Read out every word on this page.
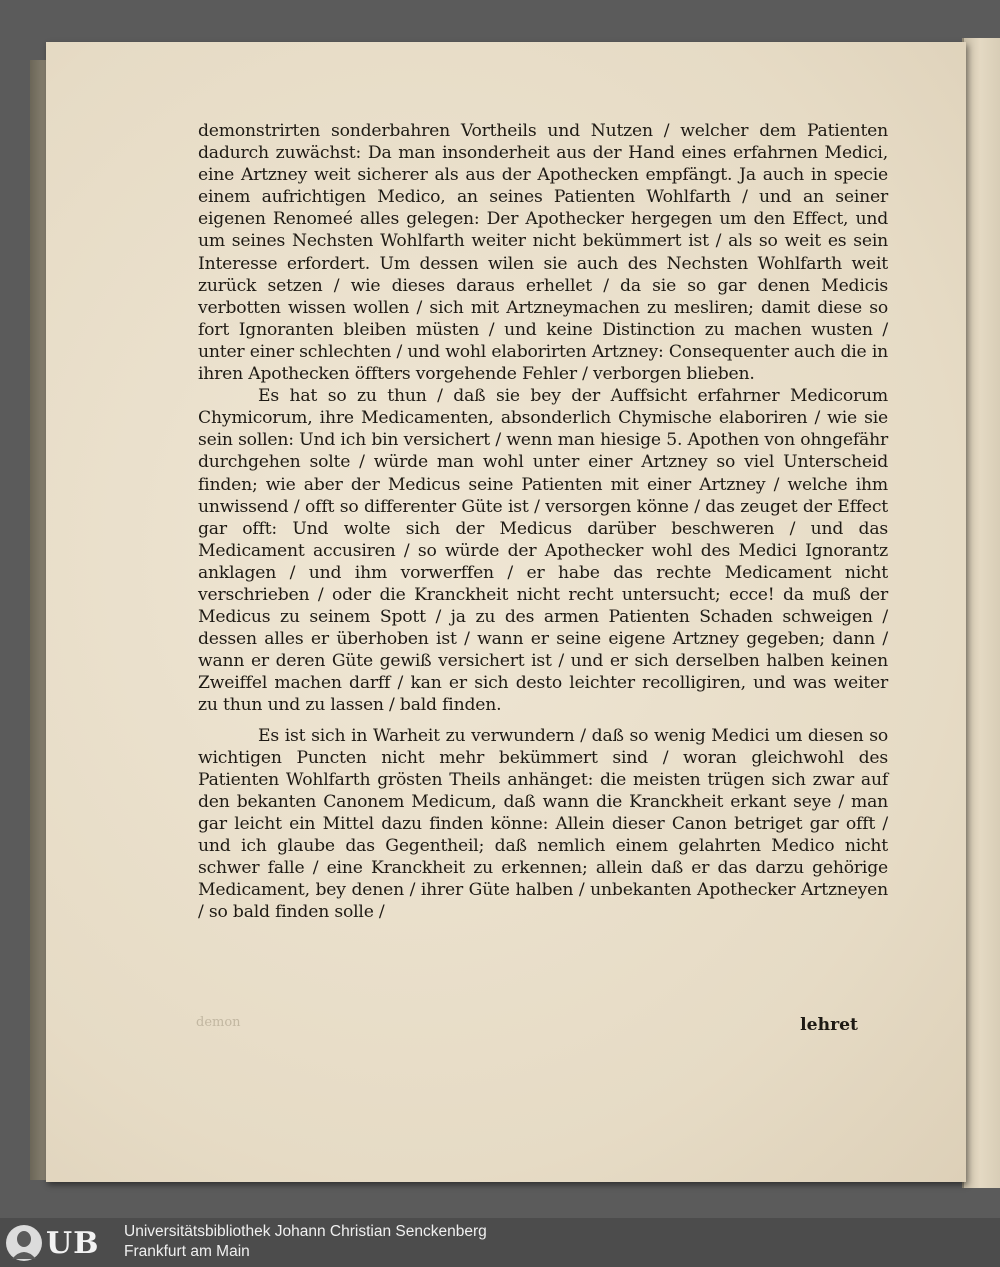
demonstrirten sonderbahren Vortheils und Nutzen / welcher dem Patienten dadurch zuwächst: Da man insonderheit aus der Hand eines erfahrnen Medici, eine Artzney weit sicherer als aus der Apothecken empfängt. Ja auch in specie einem aufrichtigen Medico, an seines Patienten Wohlfarth / und an seiner eigenen Renomeé alles gelegen: Der Apothecker hergegen um den Effect, und um seines Nechsten Wohlfarth weiter nicht bekümmert ist / als so weit es sein Interesse erfordert. Um dessen wilen sie auch des Nechsten Wohlfarth weit zurück setzen / wie dieses daraus erhellet / da sie so gar denen Medicis verbotten wissen wollen / sich mit Artzneymachen zu mesliren; damit diese so fort Ignoranten bleiben müsten / und keine Distinction zu machen wusten / unter einer schlechten / und wohl elaborirten Artzney: Consequenter auch die in ihren Apothecken öffters vorgehende Fehler / verborgen blieben.

Es hat so zu thun / daß sie bey der Auffsicht erfahrner Medicorum Chymicorum, ihre Medicamenten, absonderlich Chymische elaboriren / wie sie sein sollen: Und ich bin versichert / wenn man hiesige 5. Apothen von ohngefähr durchgehen solte / würde man wohl unter einer Artzney so viel Unterscheid finden; wie aber der Medicus seine Patienten mit einer Artzney / welche ihm unwissend / offt so differenter Güte ist / versorgen könne / das zeuget der Effect gar offt: Und wolte sich der Medicus darüber beschweren / und das Medicament accusiren / so würde der Apothecker wohl des Medici Ignorantz anklagen / und ihm vorwerffen / er habe das rechte Medicament nicht verschrieben / oder die Kranckheit nicht recht untersucht; ecce! da muß der Medicus zu seinem Spott / ja zu des armen Patienten Schaden schweigen / dessen alles er überhoben ist / wann er seine eigene Artzney gegeben; dann / wann er deren Güte gewiß versichert ist / und er sich derselben halben keinen Zweiffel machen darff / kan er sich desto leichter recolligiren, und was weiter zu thun und zu lassen / bald finden.

Es ist sich in Warheit zu verwundern / daß so wenig Medici um diesen so wichtigen Puncten nicht mehr bekümmert sind / woran gleichwohl des Patienten Wohlfarth grösten Theils anhänget: die meisten trügen sich zwar auf den bekanten Canonem Medicum, daß wann die Kranckheit erkant seye / man gar leicht ein Mittel dazu finden könne: Allein dieser Canon betriget gar offt / und ich glaube das Gegentheil; daß nemlich einem gelahrten Medico nicht schwer falle / eine Kranckheit zu erkennen; allein daß er das darzu gehörige Medicament, bey denen / ihrer Güte halben / unbekanten Apothecker Artzneyen / so bald finden solle /

demon	lehret
UB Universitätsbibliothek Johann Christian Senckenberg
Frankfurt am Main
